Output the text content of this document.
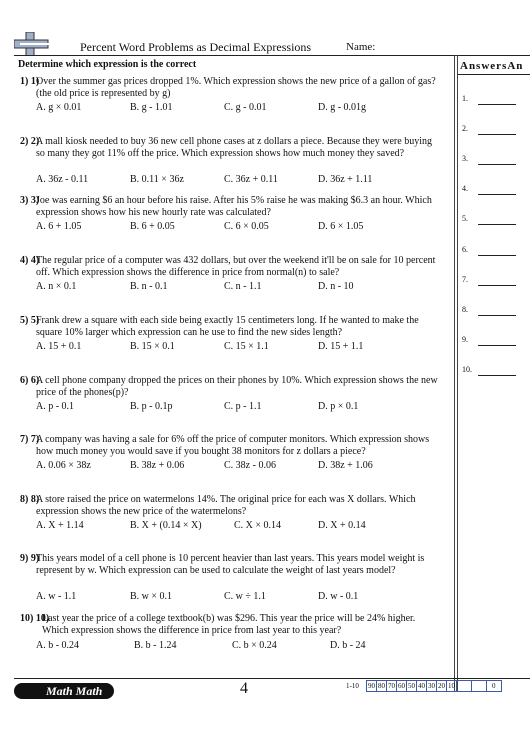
Percent Word Problems as Decimal Expressions	Name:
Determine which expression is the correct	AnswersAn
1.
2.
3.
4.
5.
6.
7.
8.
9.
10.
1) 1)
Over the summer gas prices dropped 1%. Which expression shows the new price of a gallon of gas? (the old price is represented by g)
A. g × 0.01	B. g - 1.01	C. g - 0.01	D. g - 0.01g
2) 2)
A mall kiosk needed to buy 36 new cell phone cases at z dollars a piece. Because they were buying so many they got 11% off the price. Which expression shows how much money they saved?
A. 36z - 0.11	B. 0.11 × 36z	C. 36z + 0.11	D. 36z + 1.11
3) 3)
Joe was earning $6 an hour before his raise. After his 5% raise he was making $6.3 an hour. Which expression shows how his new hourly rate was calculated?
A. 6 + 1.05	B. 6 + 0.05	C. 6 × 0.05	D. 6 × 1.05
4) 4)
The regular price of a computer was 432 dollars, but over the weekend it'll be on sale for 10 percent off. Which expression shows the difference in price from normal(n) to sale?
A. n × 0.1	B. n - 0.1	C. n - 1.1	D. n - 10
5) 5)
Frank drew a square with each side being exactly 15 centimeters long. If he wanted to make the square 10% larger which expression can he use to find the new sides length?
A. 15 + 0.1	B. 15 × 0.1	C. 15 × 1.1	D. 15 + 1.1
6) 6)
A cell phone company dropped the prices on their phones by 10%. Which expression shows the new price of the phones(p)?
A. p - 0.1	B. p - 0.1p	C. p - 1.1	D. p × 0.1
7) 7)
A company was having a sale for 6% off the price of computer monitors. Which expression shows how much money you would save if you bought 38 monitors for z dollars a piece?
A. 0.06 × 38z	B. 38z + 0.06	C. 38z - 0.06	D. 38z + 1.06
8) 8)
A store raised the price on watermelons 14%. The original price for each was X dollars. Which expression shows the new price of the watermelons?
A. X + 1.14	B. X + (0.14 × X)	C. X × 0.14	D. X + 0.14
9) 9)
This years model of a cell phone is 10 percent heavier than last years. This years model weight is represent by w. Which expression can be used to calculate the weight of last years model?
A. w - 1.1	B. w × 0.1	C. w ÷ 1.1	D. w - 0.1
10) 10)
Last year the price of a college textbook(b) was $296. This year the price will be 24% higher. Which expression shows the difference in price from last year to this year?
A. b - 0.24	B. b - 1.24	C. b × 0.24	D. b - 24
Math Math	4	1-10 90 80 70 60 50 40 30 20 10	0
